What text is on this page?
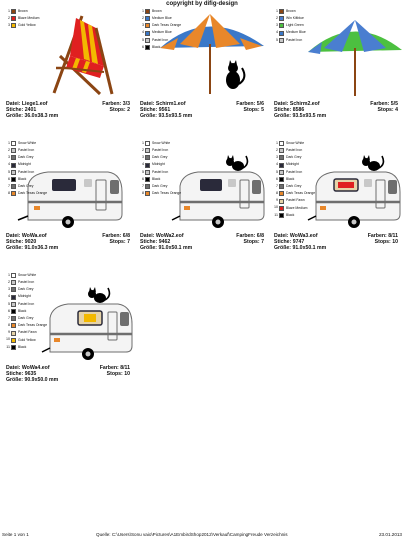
copyright by difig-design
1 Brown
2 Blaze Medium
3 Gold Yellow
Datei: Liege1.eof	Farben: 3/3
Stiche: 2401	Stops: 2
Größe: 36.0x38.3 mm
1 Brown
2 Medium Blue
3 Dark Texas Orange
4 Medium Blue
5 Pastel Iron
6 Black
Datei: Schirm1.eof	Farben: 5/6
Stiche: 9561	Stops: 5
Größe: 93.5x93.5 mm
1 Brown
2 Win Kiltblue
3 Light Green
4 Medium Blue
5 Pastel Iron
Datei: Schirm2.eof	Farben: 5/5
Stiche: 8586	Stops: 4
Größe: 93.5x93.5 mm
1 Snow White
2 Pastel Iron
3 Dark Grey
4 Midnight
5 Pastel Iron
6 Black
7 Dark Grey
8 Dark Texas Orange
Datei: WoWa.eof	Farben: 6/8
Stiche: 9020	Stops: 7
Größe: 91.0x36.3 mm
1 Snow White
2 Pastel Iron
3 Dark Grey
4 Midnight
5 Pastel Iron
6 Black
7 Dark Grey
8 Dark Texas Orange
Datei: WoWa2.eof	Farben: 6/8
Stiche: 9462	Stops: 7
Größe: 91.0x50.1 mm
1 Snow White
2 Pastel Iron
3 Dark Grey
4 Midnight
5 Pastel Iron
6 Black
7 Dark Grey
8 Dark Texas Orange
9 Pastel Fawn
10 Blaze Medium
11 Black
Datei: WoWa3.eof	Farben: 8/11
Stiche: 9747	Stops: 10
Größe: 91.0x50.1 mm
1 Snow White
2 Pastel Iron
3 Dark Grey
4 Midnight
5 Pastel Iron
6 Black
7 Dark Grey
8 Dark Texas Orange
9 Pastel Fawn
10 Gold Yellow
11 Black
Datei: WoWa4.eof	Farben: 8/11
Stiche: 9635	Stops: 10
Größe: 90.9x50.0 mm
Seite 1 von 1	Quelle: C:\Users\Sonu vaio\Pictures\A1EmbirdShop2012\Verkauf\CampingFreude Verzeichnis	23.01.2013
